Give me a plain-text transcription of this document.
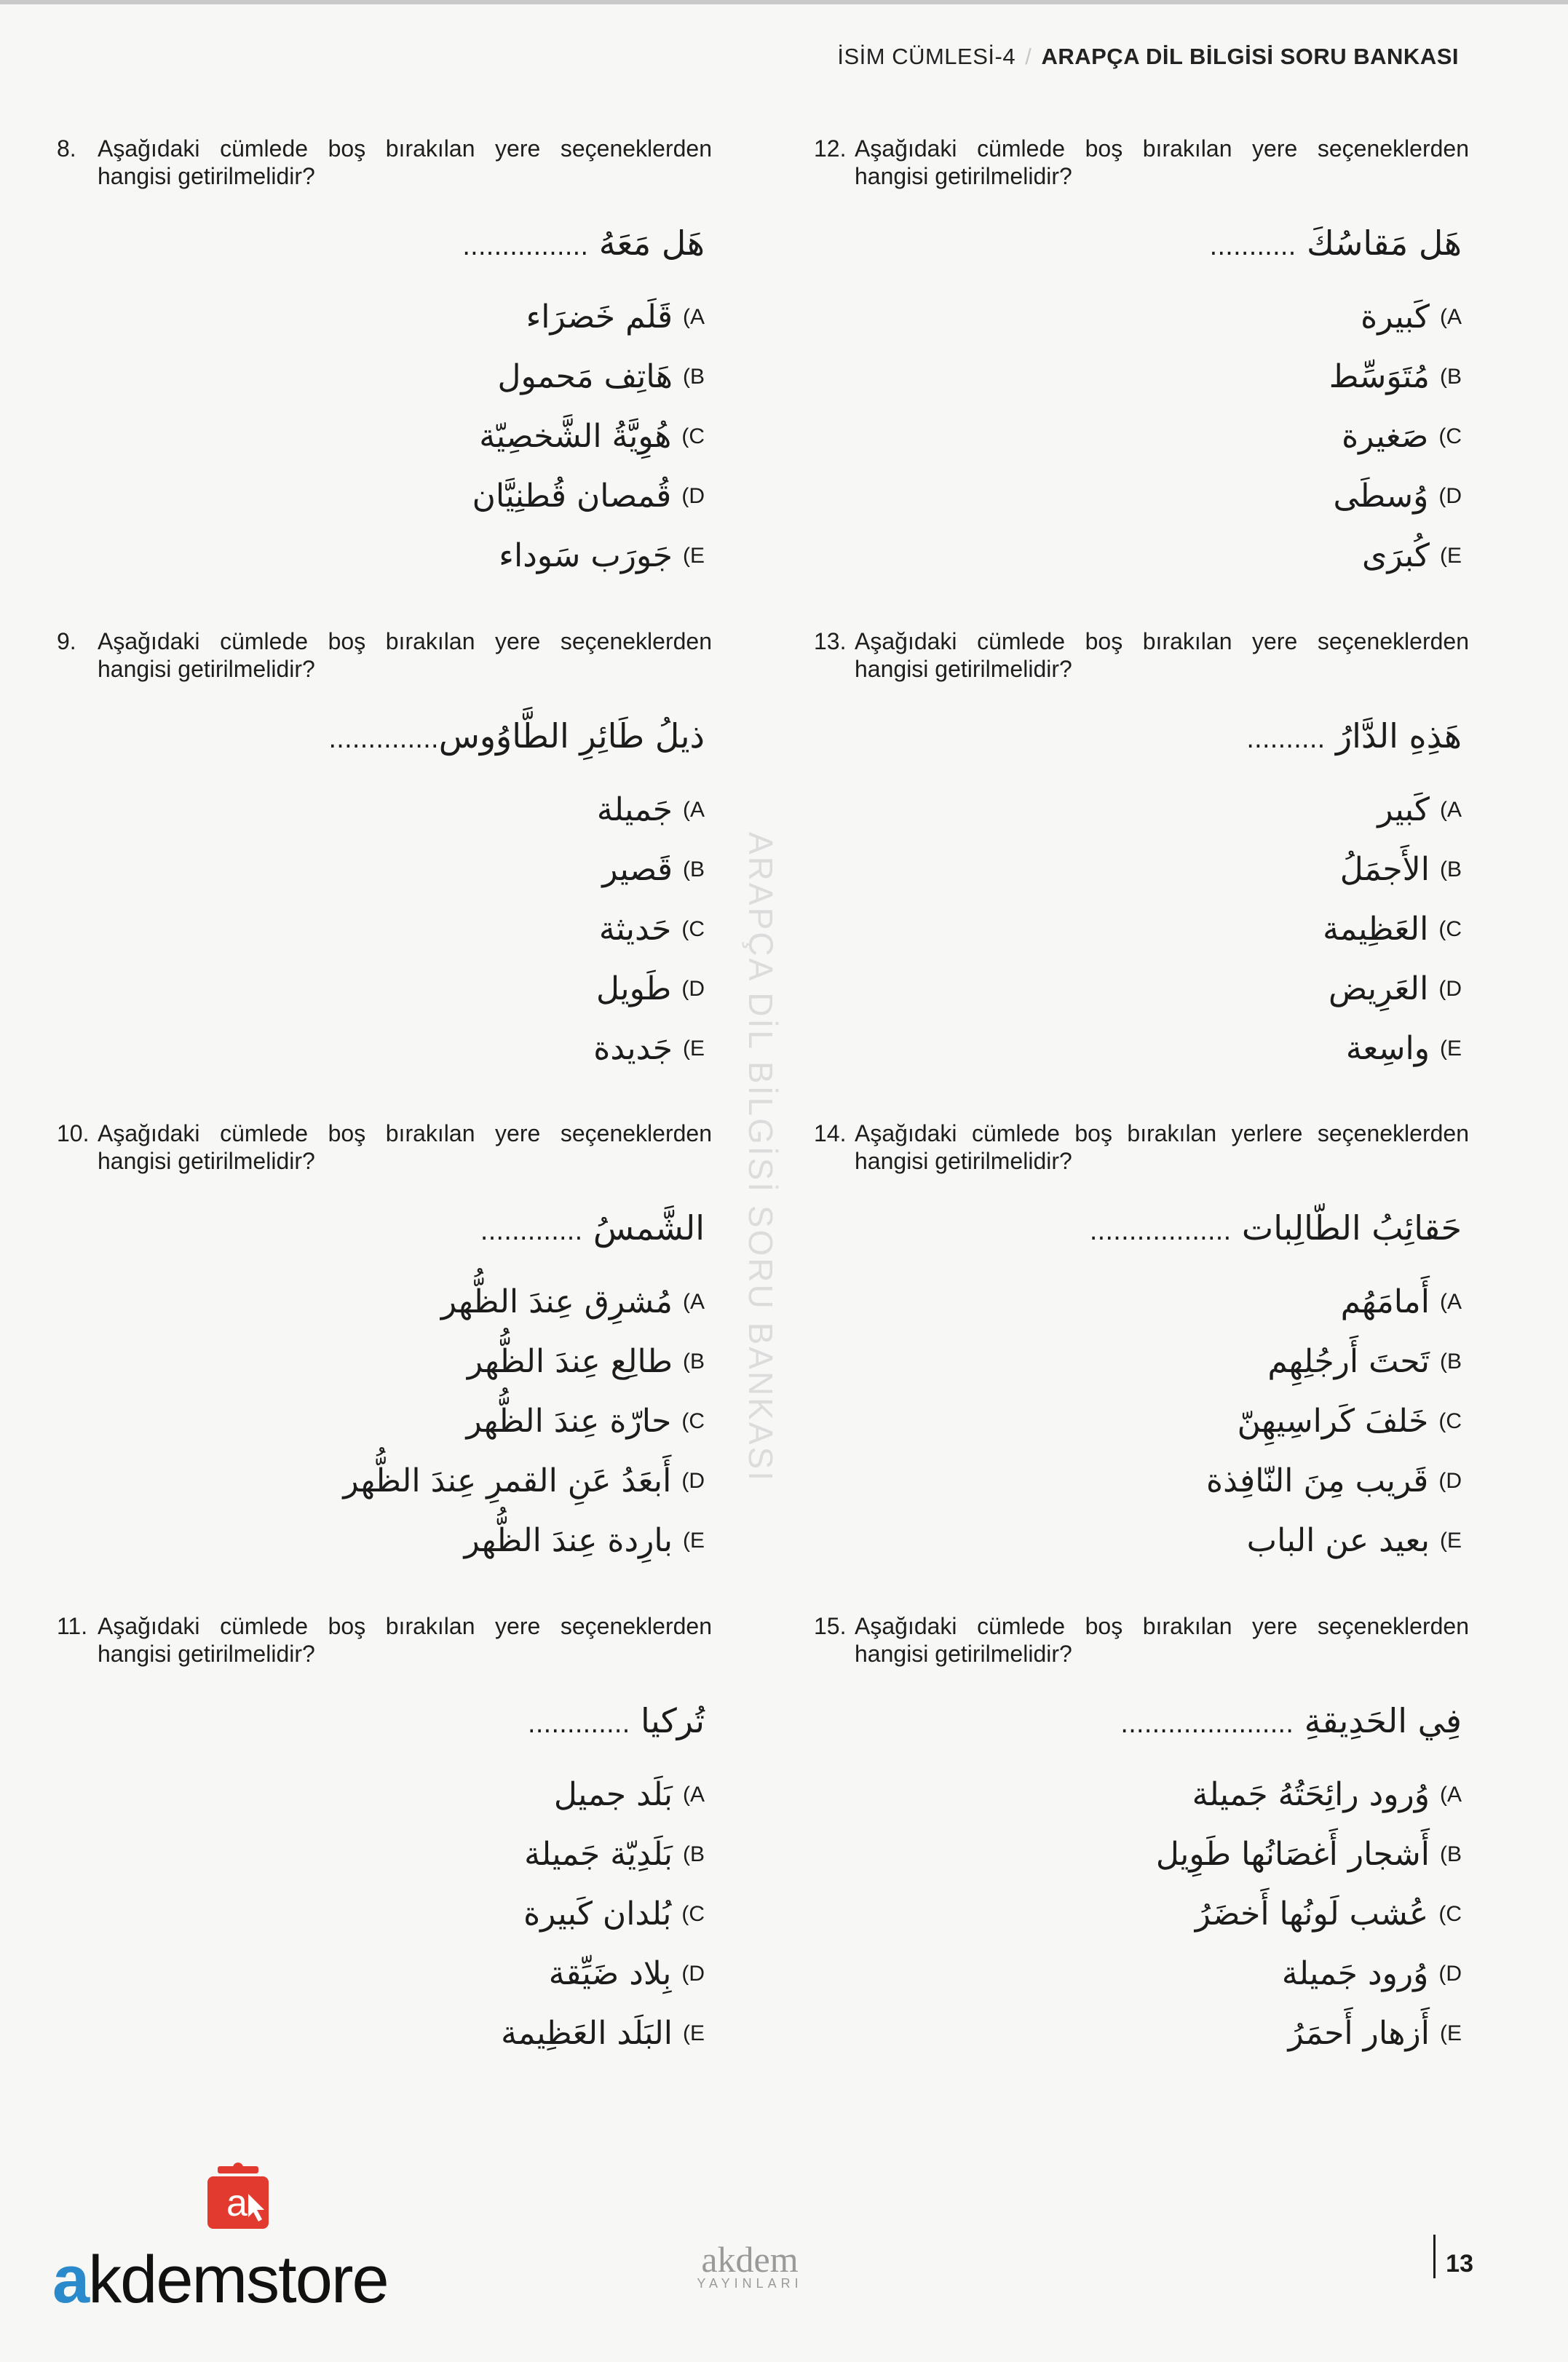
İSİM CÜMLESİ-4 / ARAPÇA DİL BİLGİSİ SORU BANKASI
ARAPÇA DİL BİLGİSİ SORU BANKASI
8. Aşağıdaki cümlede boş bırakılan yere seçeneklerden hangisi getirilmelidir?
هَل مَعَهُ ................
A)قَلَم خَضرَاء
B)هَاتِف مَحمول
C)هُوِيَّةُ الشَّخصِيّة
D)قُمصان قُطنِيَّان
E)جَورَب سَوداء
9. Aşağıdaki cümlede boş bırakılan yere seçeneklerden hangisi getirilmelidir?
ذيلُ طَائِرِ الطَّاوُوس..............
A)جَميلة
B)قَصير
C)حَديثة
D)طَويل
E)جَديدة
10. Aşağıdaki cümlede boş bırakılan yere seçeneklerden hangisi getirilmelidir?
الشَّمسُ .............
A)مُشرِق عِندَ الظُّهر
B)طالِع عِندَ الظُّهر
C)حارّة عِندَ الظُّهر
D)أَبعَدُ عَنِ القمرِ عِندَ الظُّهر
E)بارِدة عِندَ الظُّهر
11. Aşağıdaki cümlede boş bırakılan yere seçeneklerden hangisi getirilmelidir?
تُركيا .............
A)بَلَد جميل
B)بَلَدِيّة جَميلة
C)بُلدان كَبيرة
D)بِلاد ضَيِّقة
E)البَلَد العَظِيمة
12. Aşağıdaki cümlede boş bırakılan yere seçeneklerden hangisi getirilmelidir?
هَل مَقاسُكَ ...........
A)كَبيرة
B)مُتَوَسِّط
C)صَغيرة
D)وُسطَى
E)كُبرَى
13. Aşağıdaki cümlede boş bırakılan yere seçeneklerden hangisi getirilmelidir?
هَذِهِ الدَّارُ ..........
A)كَبير
B)الأَجمَلُ
C)العَظِيمة
D)العَرِيض
E)واسِعة
14. Aşağıdaki cümlede boş bırakılan yerlere seçeneklerden hangisi getirilmelidir?
حَقائِبُ الطّالِبات ..................
A)أَمامَهُم
B)تَحتَ أَرجُلِهِم
C)خَلفَ كَراسِيهِنّ
D)قَريب مِنَ النّافِذة
E)بعيد عن الباب
15. Aşağıdaki cümlede boş bırakılan yere seçeneklerden hangisi getirilmelidir?
فِي الحَدِيقةِ ......................
A)وُرود رائِحَتُهُ جَميلة
B)أَشجار أَغصَانُها طَوِيل
C)عُشب لَونُها أَخضَرُ
D)وُرود جَميلة
E)أَزهار أَحمَرُ
a
akdemstore	akdem
YAYINLARI
13
